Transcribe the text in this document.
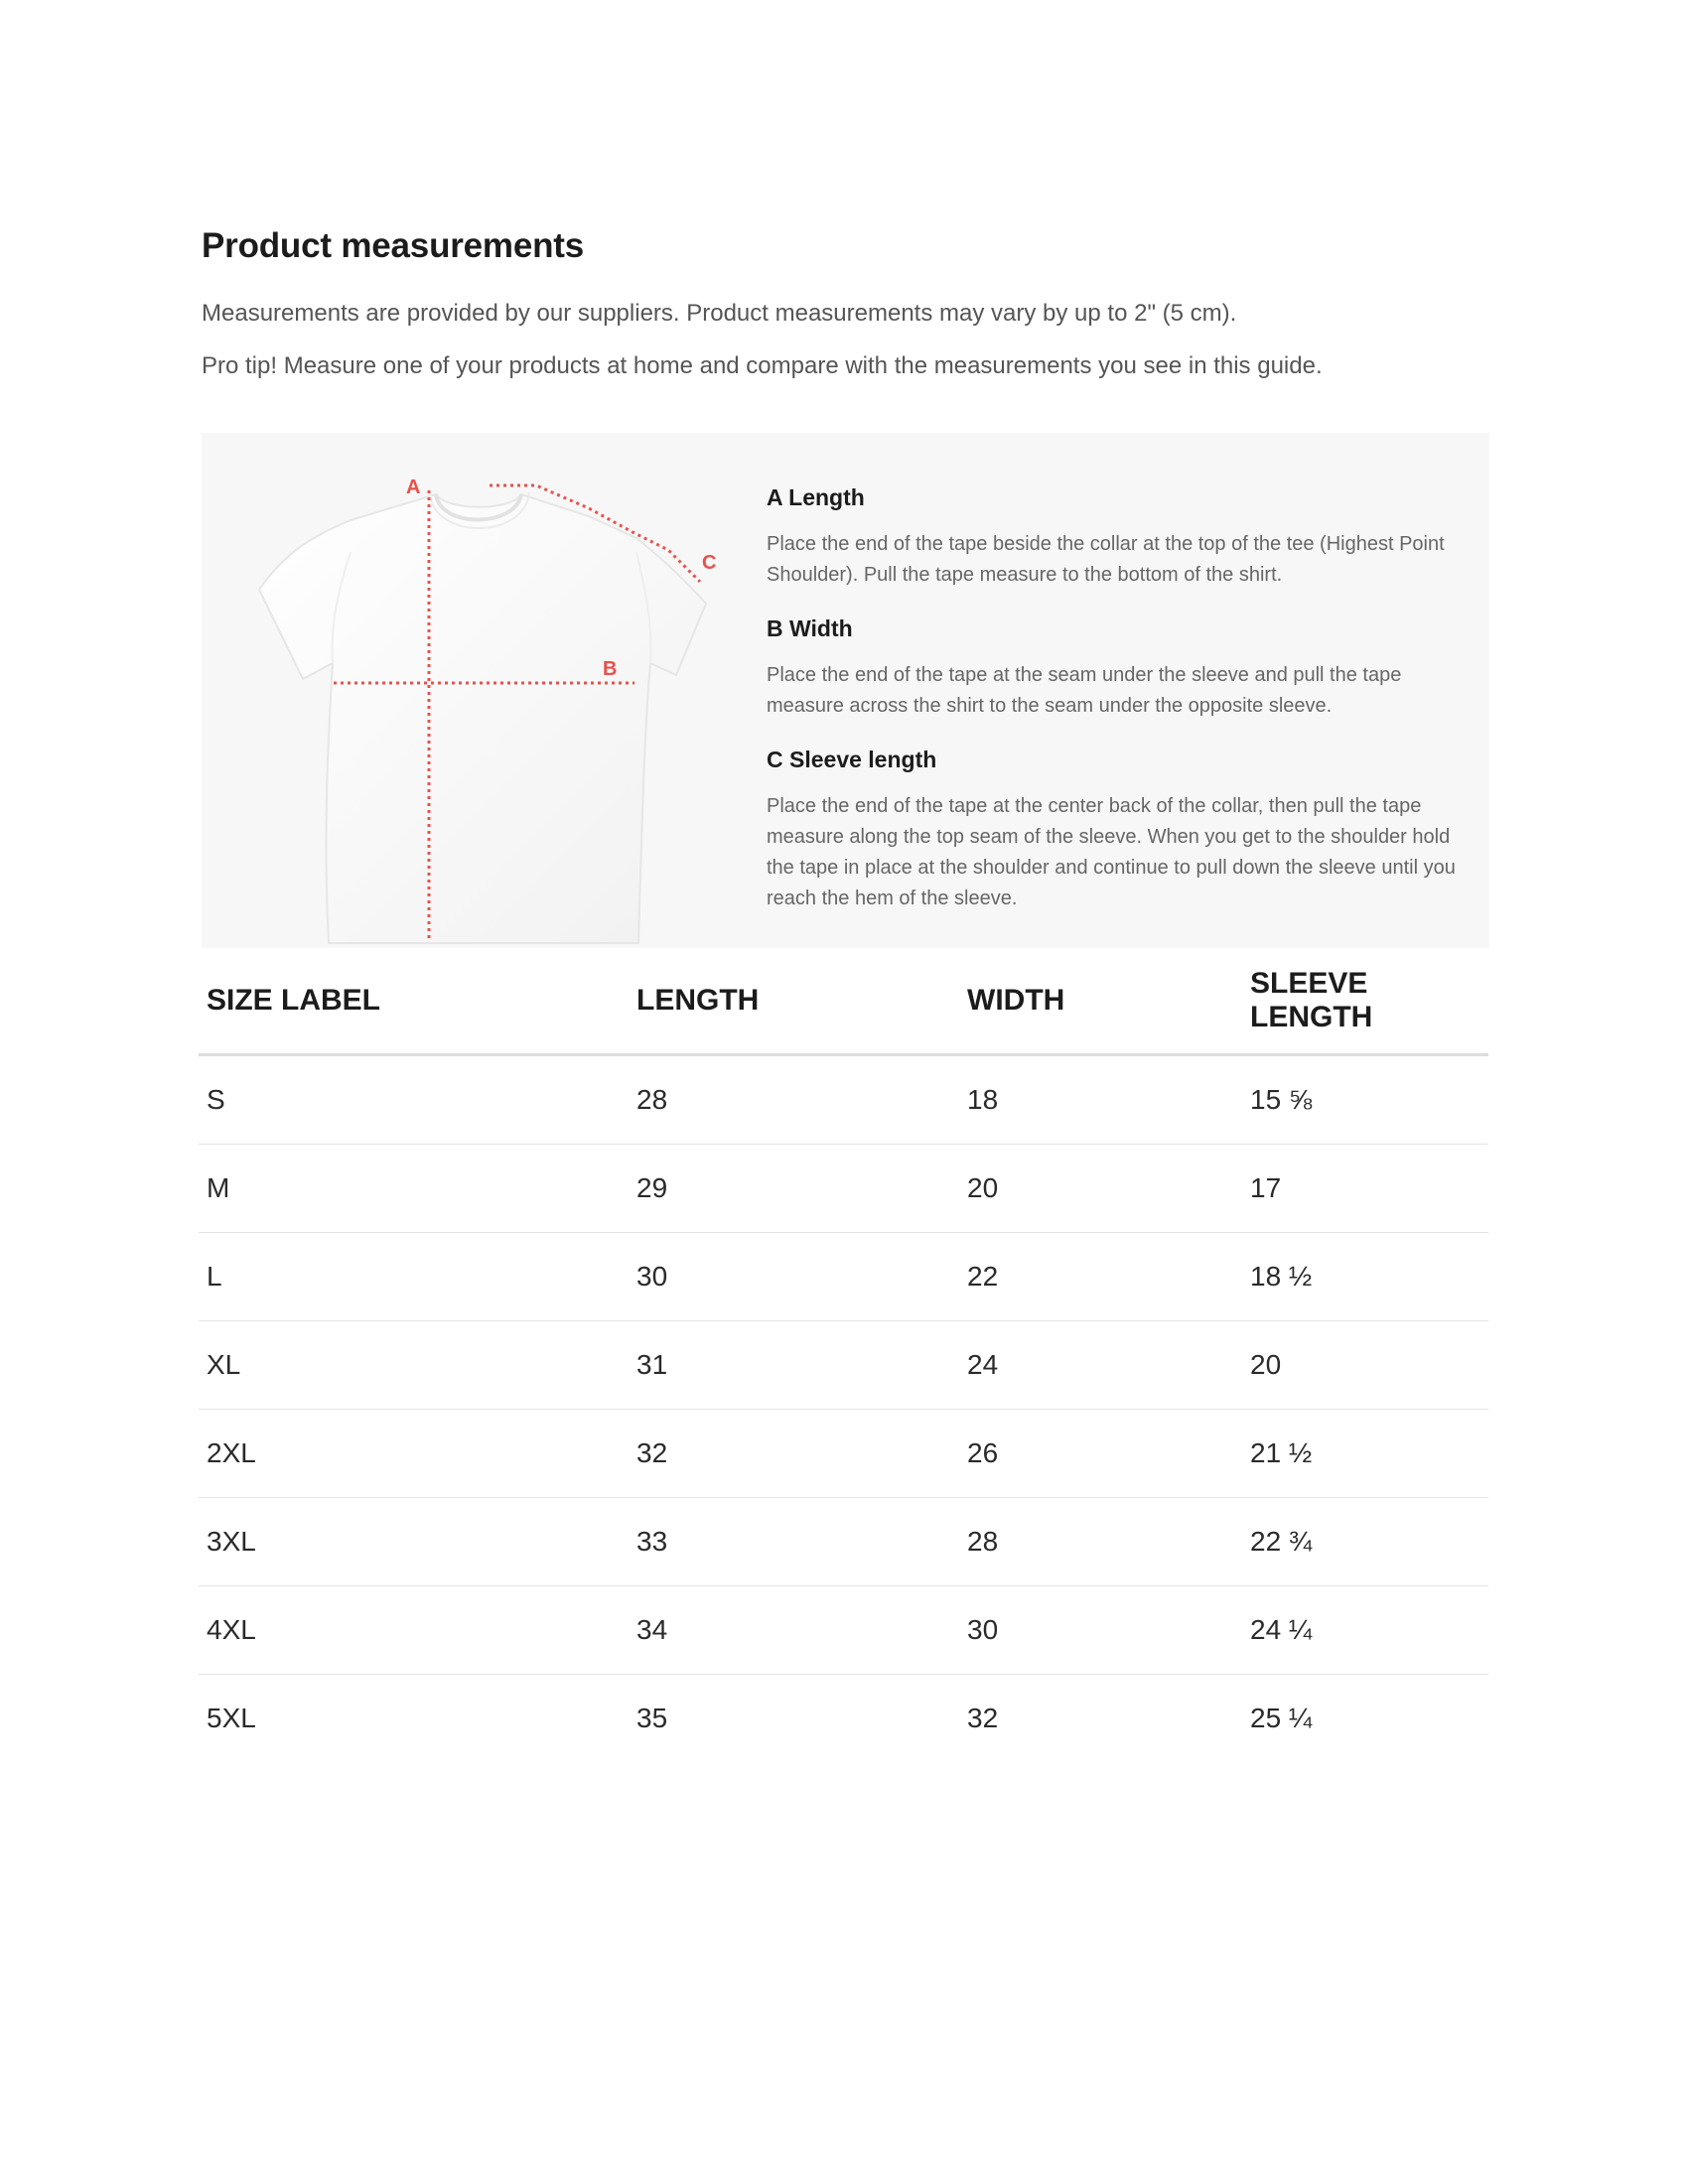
Product measurements

Measurements are provided by our suppliers. Product measurements may vary by up to 2" (5 cm).

Pro tip! Measure one of your products at home and compare with the measurements you see in this guide.

A
B
C
A Length

Place the end of the tape beside the collar at the top of the tee (Highest Point Shoulder). Pull the tape measure to the bottom of the shirt.

B Width

Place the end of the tape at the seam under the sleeve and pull the tape measure across the shirt to the seam under the opposite sleeve.

C Sleeve length

Place the end of the tape at the center back of the collar, then pull the tape measure along the top seam of the sleeve. When you get to the shoulder hold the tape in place at the shoulder and continue to pull down the sleeve until you reach the hem of the sleeve.

SIZE LABEL	LENGTH	WIDTH	SLEEVE LENGTH
S	28	18	15 ⅝
M	29	20	17
L	30	22	18 ½
XL	31	24	20
2XL	32	26	21 ½
3XL	33	28	22 ¾
4XL	34	30	24 ¼
5XL	35	32	25 ¼
